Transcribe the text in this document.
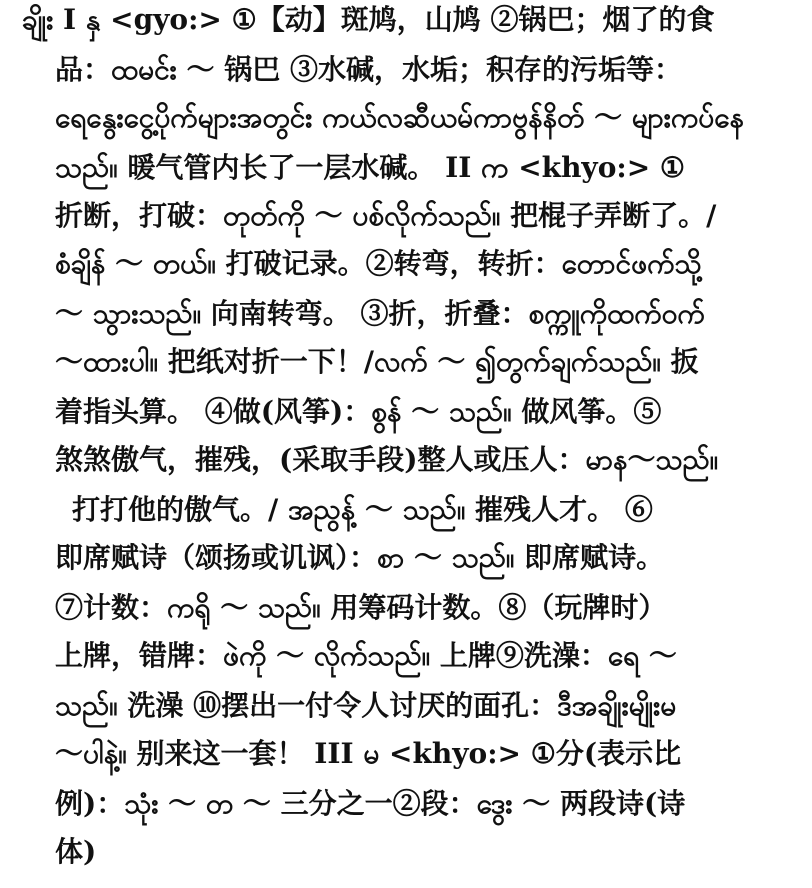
ချိုး I နှ <gyo:> ①【动】斑鸠，山鸠 ②锅巴；烟了的食
品：ထမင်း ～ 锅巴 ③水碱，水垢；积存的污垢等：
ရေနွေးငွေ့ပိုက်များအတွင်း ကယ်လဆီယမ်ကာဗွန်နိတ် ～ များကပ်နေ
သည်။ 暖气管内长了一层水碱。 II က <khyo:> ①
折断，打破：တုတ်ကို ～ ပစ်လိုက်သည်။ 把棍子弄断了。/
စံချိန် ～ တယ်။ 打破记录。②转弯，转折：တောင်ဖက်သို့
～ သွားသည်။ 向南转弯。 ③折，折叠：စက္ကူကိုထက်ဝက်
～ထားပါ။ 把纸对折一下！/လက် ～ ၍တွက်ချက်သည်။ 扳
着指头算。 ④做(风筝)：စွန် ～ သည်။ 做风筝。⑤
煞煞傲气，摧残，(采取手段)整人或压人：မာန～သည်။
打打他的傲气。/ အညွန့် ～ သည်။ 摧残人才。 ⑥
即席赋诗（颂扬或讥讽）：စာ ～ သည်။ 即席赋诗。
⑦计数：ကရို ～ သည်။ 用筹码计数。⑧（玩牌时）
上牌，错牌：ဖဲကို ～ လိုက်သည်။ 上牌⑨洗澡：ရေ ～
သည်။ 洗澡 ⑩摆出一付令人讨厌的面孔：ဒီအချိုးမျိုးမ
～ပါနဲ့။ 别来这一套！ III မ <khyo:> ①分(表示比
例)：သုံး ～ တ ～ 三分之一②段：ဒွေး ～ 两段诗(诗
体)
